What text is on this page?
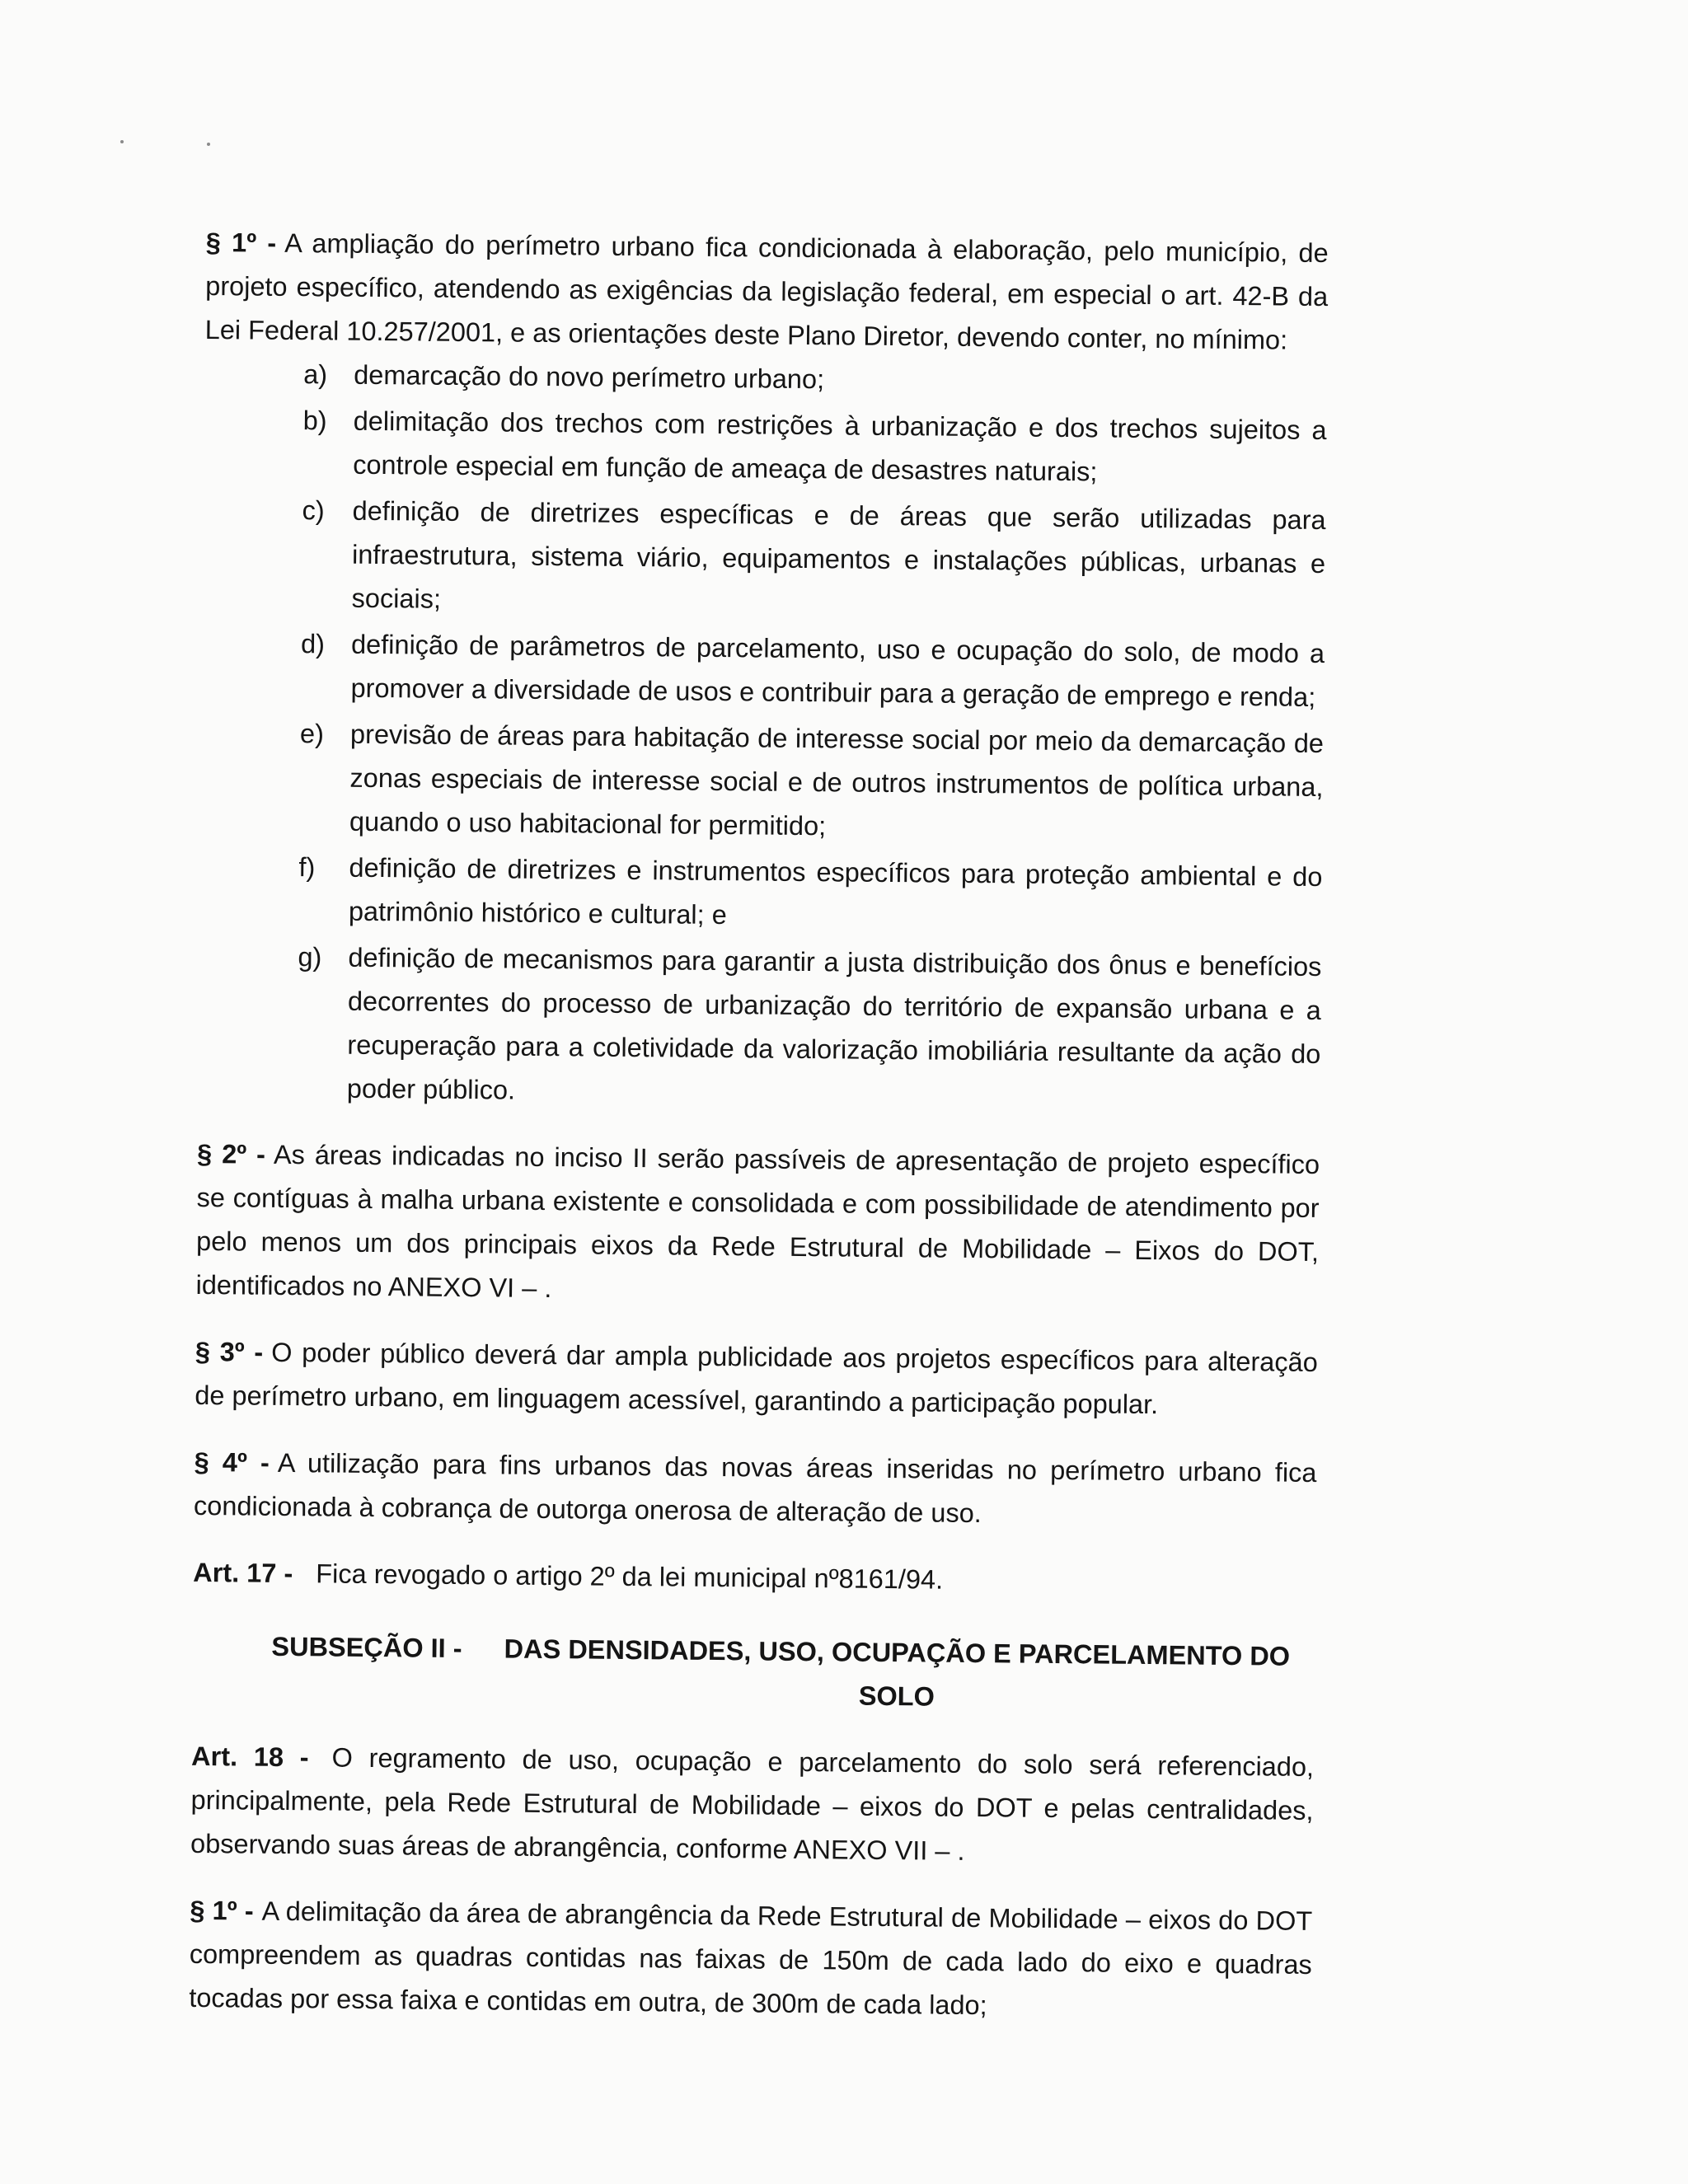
§ 1º - A ampliação do perímetro urbano fica condicionada à elaboração, pelo município, de projeto específico, atendendo as exigências da legislação federal, em especial o art. 42-B da Lei Federal 10.257/2001, e as orientações deste Plano Diretor, devendo conter, no mínimo:

a) demarcação do novo perímetro urbano;
b) delimitação dos trechos com restrições à urbanização e dos trechos sujeitos a controle especial em função de ameaça de desastres naturais;
c)	definição de diretrizes específicas e de áreas que serão utilizadas para infraestrutura, sistema viário, equipamentos e instalações públicas, urbanas e sociais;
d) definição de parâmetros de parcelamento, uso e ocupação do solo, de modo a promover a diversidade de usos e contribuir para a geração de emprego e renda;
e) previsão de áreas para habitação de interesse social por meio da demarcação de zonas especiais de interesse social e de outros instrumentos de política urbana, quando o uso habitacional for permitido;
f)	definição de diretrizes e instrumentos específicos para proteção ambiental e do patrimônio histórico e cultural; e
g) definição de mecanismos para garantir a justa distribuição dos ônus e benefícios decorrentes do processo de urbanização do território de expansão urbana e a recuperação para a coletividade da valorização imobiliária resultante da ação do poder público.

§ 2º - As áreas indicadas no inciso II serão passíveis de apresentação de projeto específico se contíguas à malha urbana existente e consolidada e com possibilidade de atendimento por pelo menos um dos principais eixos da Rede Estrutural de Mobilidade – Eixos do DOT, identificados no ANEXO VI – .

§ 3º - O poder público deverá dar ampla publicidade aos projetos específicos para alteração de perímetro urbano, em linguagem acessível, garantindo a participação popular.

§ 4º - A utilização para fins urbanos das novas áreas inseridas no perímetro urbano fica condicionada à cobrança de outorga onerosa de alteração de uso.

Art. 17 - Fica revogado o artigo 2º da lei municipal nº8161/94.

SUBSEÇÃO II -	DAS DENSIDADES, USO, OCUPAÇÃO E PARCELAMENTO DO SOLO

Art. 18 - O regramento de uso, ocupação e parcelamento do solo será referenciado, principalmente, pela Rede Estrutural de Mobilidade – eixos do DOT e pelas centralidades, observando suas áreas de abrangência, conforme ANEXO VII – .

§ 1º - A delimitação da área de abrangência da Rede Estrutural de Mobilidade – eixos do DOT compreendem as quadras contidas nas faixas de 150m de cada lado do eixo e quadras tocadas por essa faixa e contidas em outra, de 300m de cada lado;
